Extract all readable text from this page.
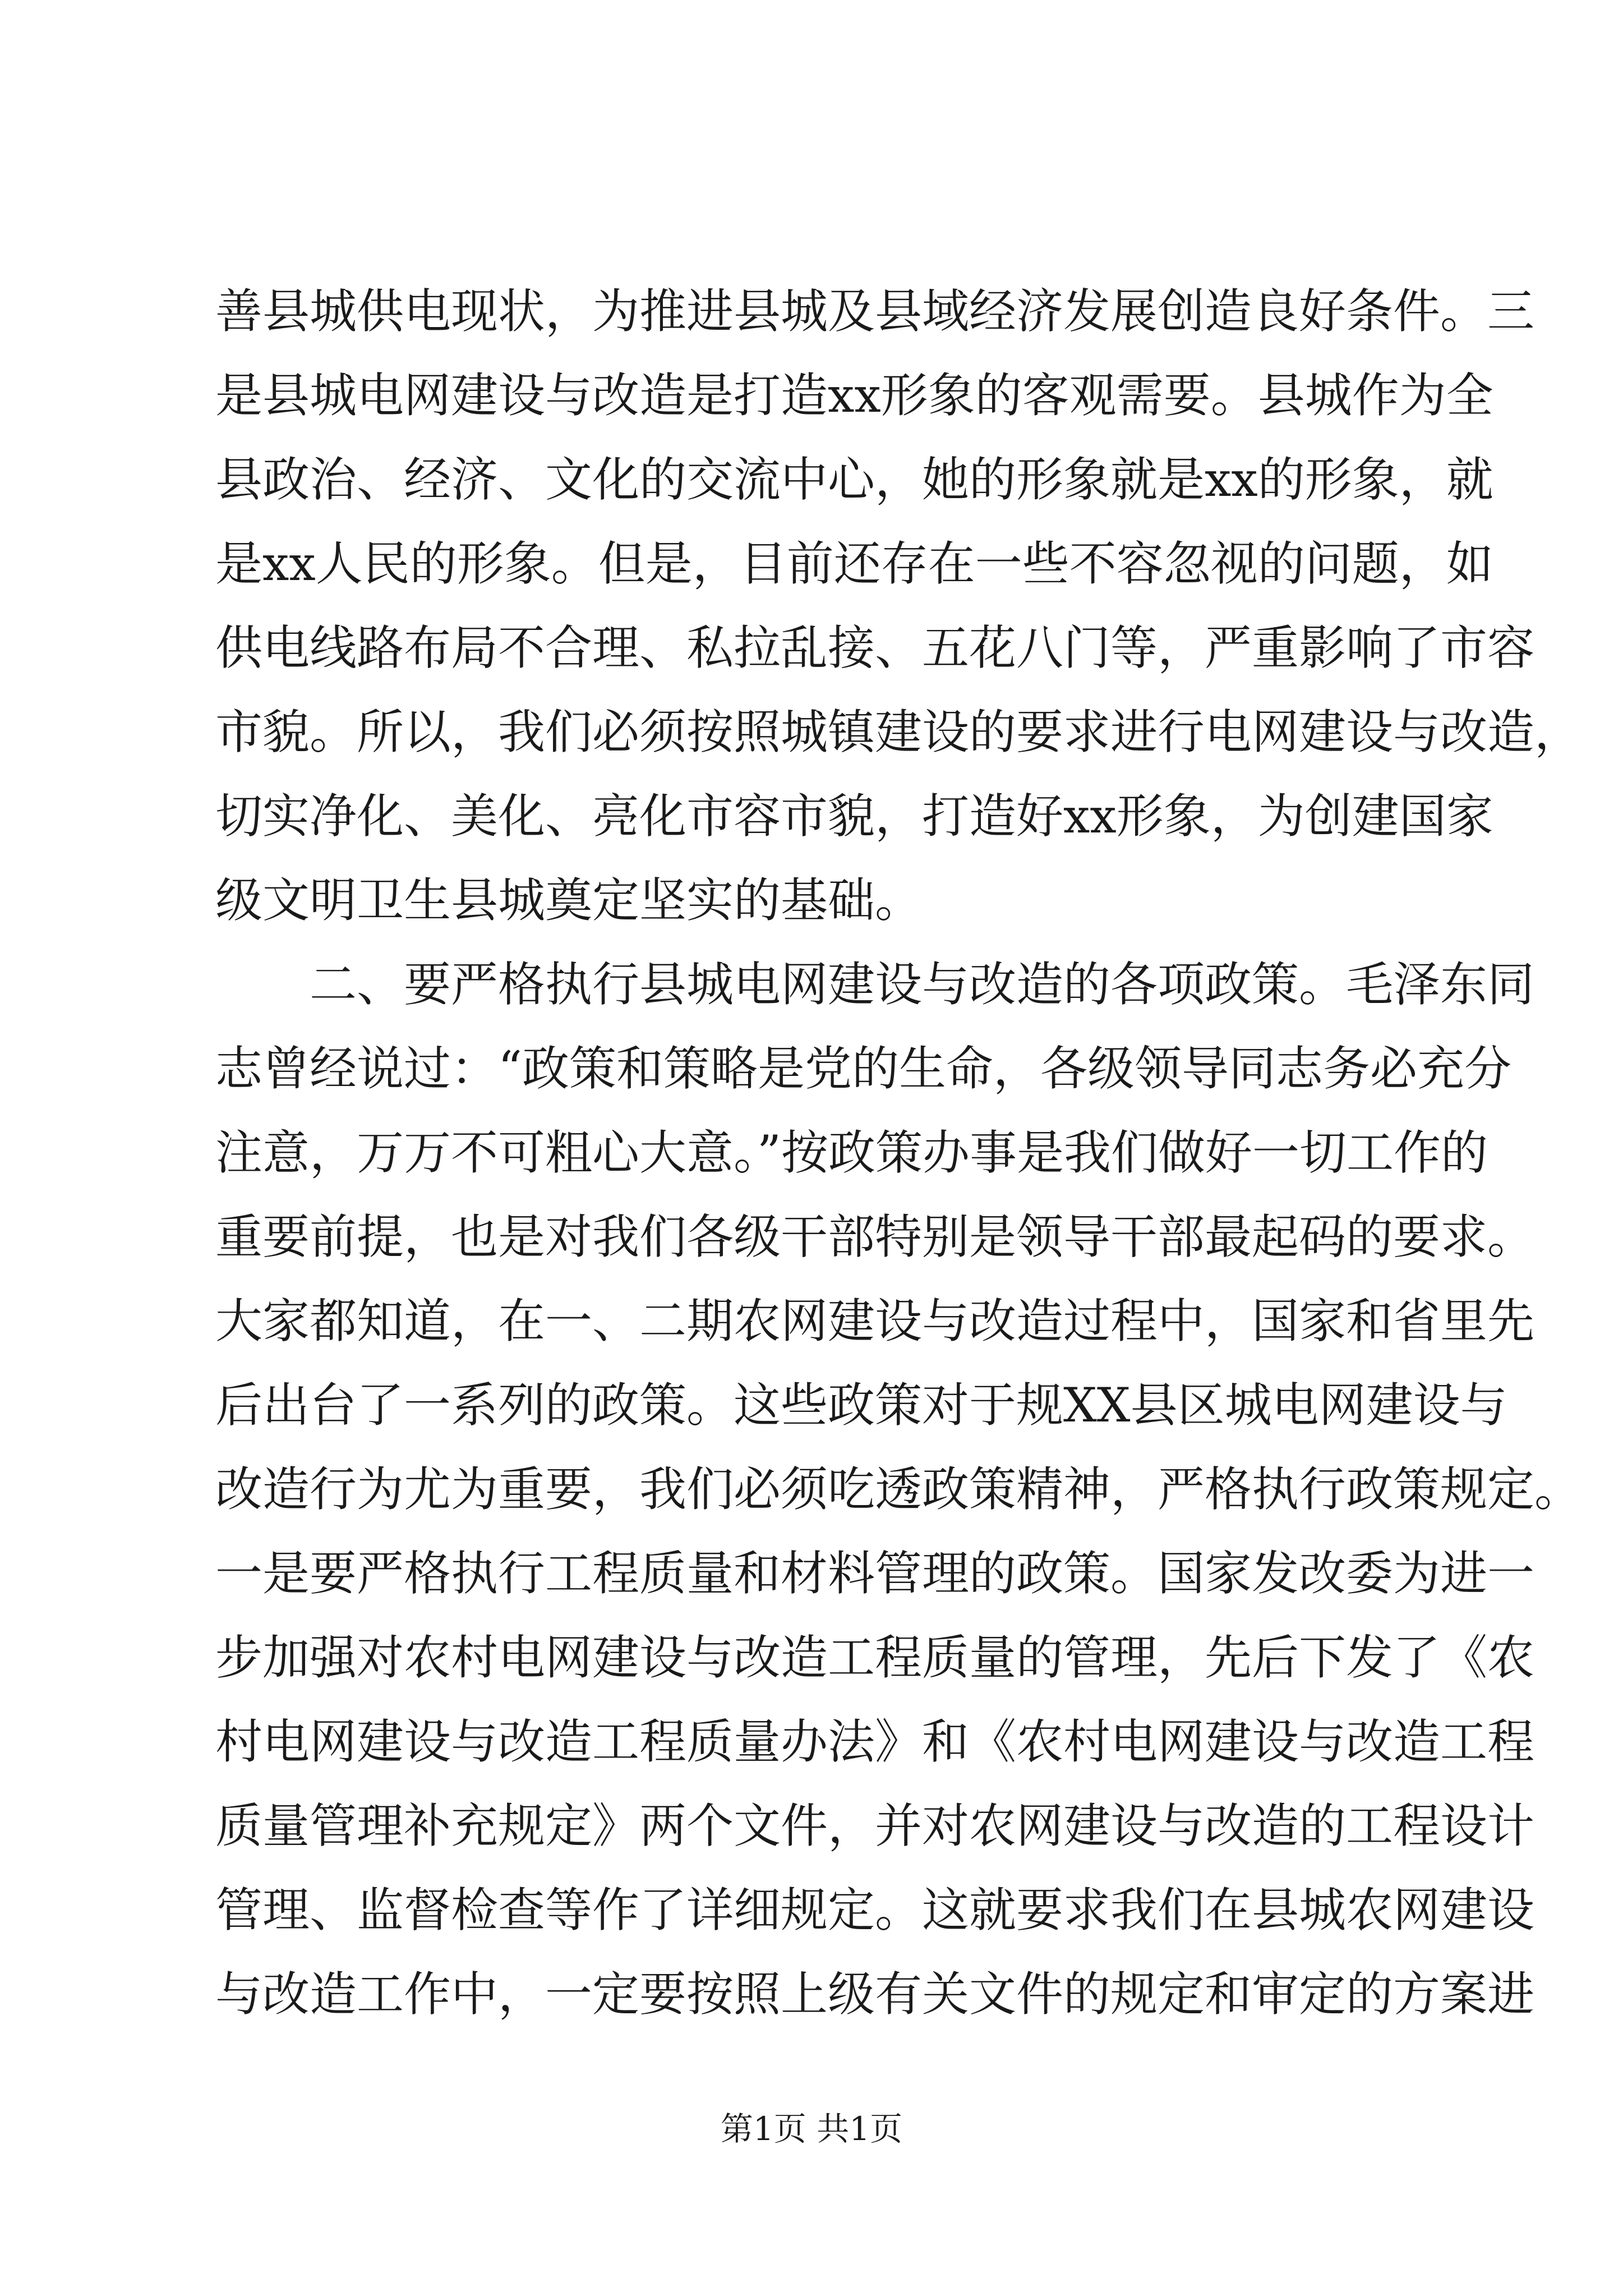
善县城供电现状，为推进县城及县域经济发展创造良好条件。三
是县城电网建设与改造是打造xx形象的客观需要。县城作为全
县政治、经济、文化的交流中心，她的形象就是xx的形象，就
是xx人民的形象。但是，目前还存在一些不容忽视的问题，如
供电线路布局不合理、私拉乱接、五花八门等，严重影响了市容
市貌。所以，我们必须按照城镇建设的要求进行电网建设与改造，
切实净化、美化、亮化市容市貌，打造好xx形象，为创建国家
级文明卫生县城奠定坚实的基础。
二、要严格执行县城电网建设与改造的各项政策。毛泽东同
志曾经说过：“政策和策略是党的生命，各级领导同志务必充分
注意，万万不可粗心大意。”按政策办事是我们做好一切工作的
重要前提，也是对我们各级干部特别是领导干部最起码的要求。
大家都知道，在一、二期农网建设与改造过程中，国家和省里先
后出台了一系列的政策。这些政策对于规XX县区城电网建设与
改造行为尤为重要，我们必须吃透政策精神，严格执行政策规定。
一是要严格执行工程质量和材料管理的政策。国家发改委为进一
步加强对农村电网建设与改造工程质量的管理，先后下发了《农
村电网建设与改造工程质量办法》和《农村电网建设与改造工程
质量管理补充规定》两个文件，并对农网建设与改造的工程设计
管理、监督检查等作了详细规定。这就要求我们在县城农网建设
与改造工作中，一定要按照上级有关文件的规定和审定的方案进
第1页 共1页
